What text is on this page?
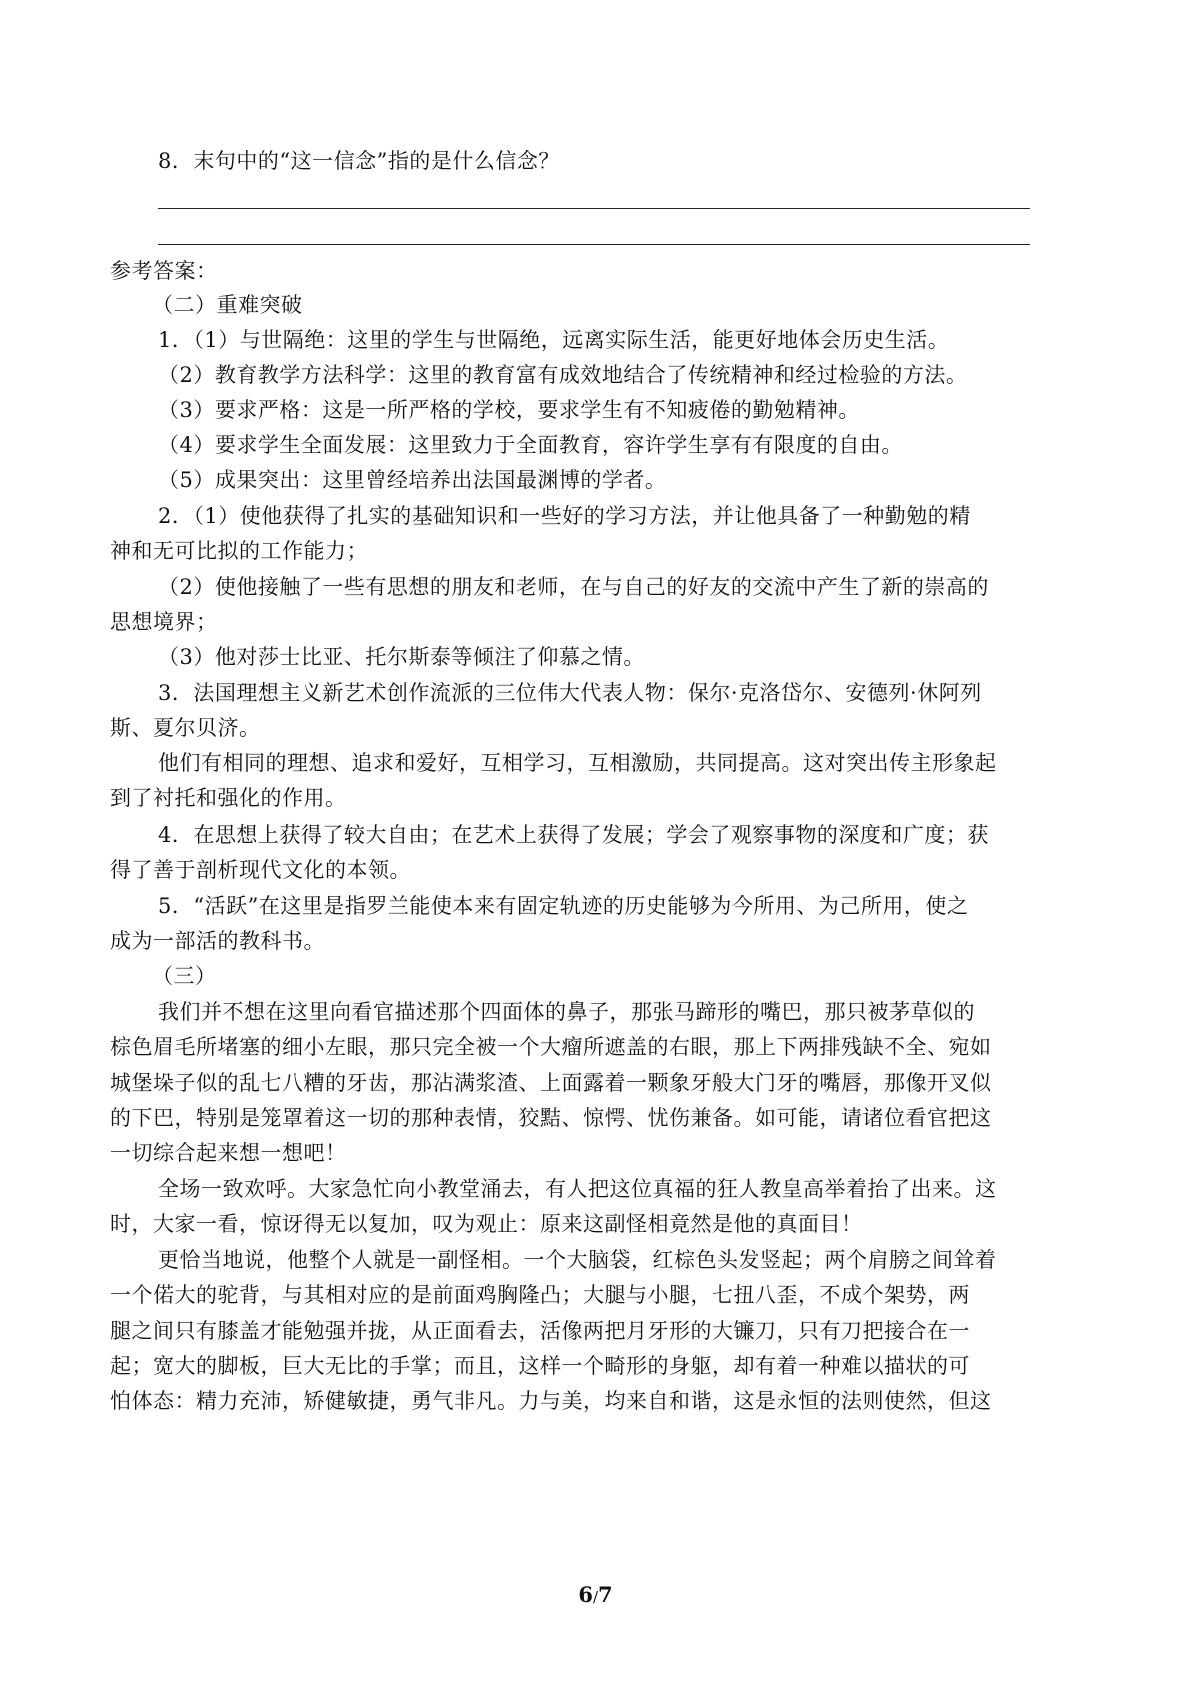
8．末句中的“这一信念”指的是什么信念？
参考答案：
（二）重难突破
1．（1）与世隔绝：这里的学生与世隔绝，远离实际生活，能更好地体会历史生活。
（2）教育教学方法科学：这里的教育富有成效地结合了传统精神和经过检验的方法。
（3）要求严格：这是一所严格的学校，要求学生有不知疲倦的勤勉精神。
（4）要求学生全面发展：这里致力于全面教育，容许学生享有有限度的自由。
（5）成果突出：这里曾经培养出法国最渊博的学者。
2．（1）使他获得了扎实的基础知识和一些好的学习方法，并让他具备了一种勤勉的精
神和无可比拟的工作能力；
（2）使他接触了一些有思想的朋友和老师，在与自己的好友的交流中产生了新的崇高的
思想境界；
（3）他对莎士比亚、托尔斯泰等倾注了仰慕之情。
3．法国理想主义新艺术创作流派的三位伟大代表人物：保尔·克洛岱尔、安德列·休阿列
斯、夏尔贝济。
他们有相同的理想、追求和爱好，互相学习，互相激励，共同提高。这对突出传主形象起
到了衬托和强化的作用。
4．在思想上获得了较大自由；在艺术上获得了发展；学会了观察事物的深度和广度；获
得了善于剖析现代文化的本领。
5．“活跃”在这里是指罗兰能使本来有固定轨迹的历史能够为今所用、为己所用，使之
成为一部活的教科书。
（三）
我们并不想在这里向看官描述那个四面体的鼻子，那张马蹄形的嘴巴，那只被茅草似的
棕色眉毛所堵塞的细小左眼，那只完全被一个大瘤所遮盖的右眼，那上下两排残缺不全、宛如
城堡垛子似的乱七八糟的牙齿，那沾满浆渣、上面露着一颗象牙般大门牙的嘴唇，那像开叉似
的下巴，特别是笼罩着这一切的那种表情，狡黠、惊愕、忧伤兼备。如可能，请诸位看官把这
一切综合起来想一想吧！
全场一致欢呼。大家急忙向小教堂涌去，有人把这位真福的狂人教皇高举着抬了出来。这
时，大家一看，惊讶得无以复加，叹为观止：原来这副怪相竟然是他的真面目！
更恰当地说，他整个人就是一副怪相。一个大脑袋，红棕色头发竖起；两个肩膀之间耸着
一个偌大的驼背，与其相对应的是前面鸡胸隆凸；大腿与小腿，七扭八歪，不成个架势，两
腿之间只有膝盖才能勉强并拢，从正面看去，活像两把月牙形的大镰刀，只有刀把接合在一
起；宽大的脚板，巨大无比的手掌；而且，这样一个畸形的身躯，却有着一种难以描状的可
怕体态：精力充沛，矫健敏捷，勇气非凡。力与美，均来自和谐，这是永恒的法则使然，但这
6/7
